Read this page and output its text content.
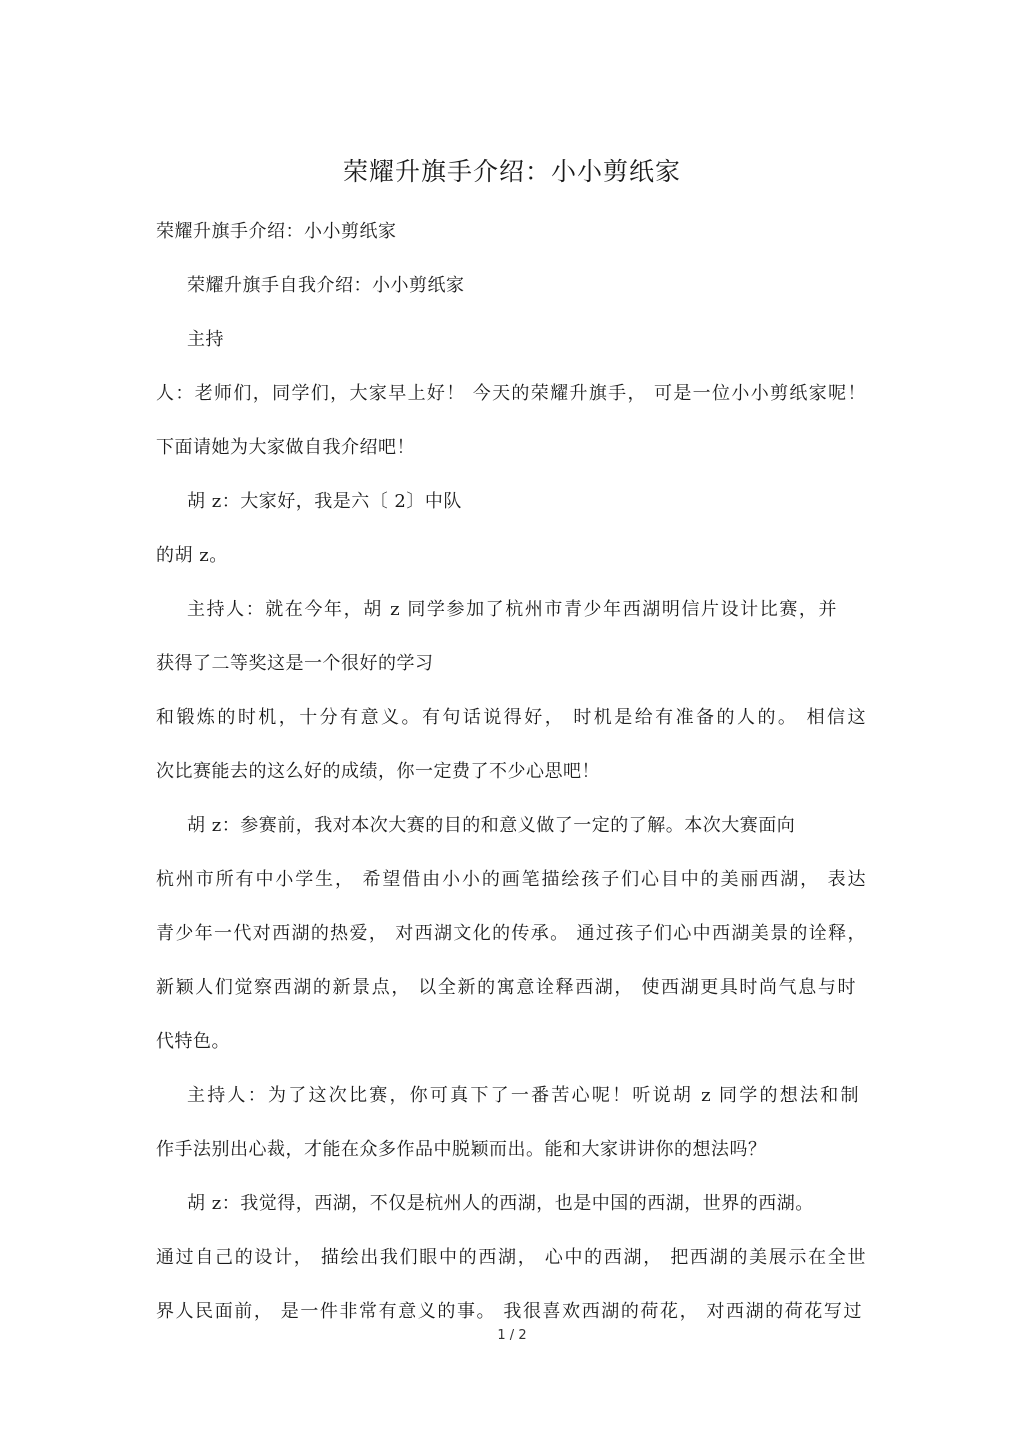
荣耀升旗手介绍：小小剪纸家
荣耀升旗手介绍：小小剪纸家
荣耀升旗手自我介绍：小小剪纸家
主持
人：老师们，同学们，大家早上好！ 今天的荣耀升旗手， 可是一位小小剪纸家呢！
下面请她为大家做自我介绍吧！
胡 z：大家好，我是六〔 2〕中队
的胡 z。
主持人：就在今年，胡 z 同学参加了杭州市青少年西湖明信片设计比赛，并
获得了二等奖这是一个很好的学习
和锻炼的时机，十分有意义。有句话说得好， 时机是给有准备的人的。 相信这
次比赛能去的这么好的成绩，你一定费了不少心思吧！
胡 z：参赛前，我对本次大赛的目的和意义做了一定的了解。本次大赛面向
杭州市所有中小学生， 希望借由小小的画笔描绘孩子们心目中的美丽西湖， 表达
青少年一代对西湖的热爱， 对西湖文化的传承。 通过孩子们心中西湖美景的诠释，
新颖人们觉察西湖的新景点， 以全新的寓意诠释西湖， 使西湖更具时尚气息与时
代特色。
主持人：为了这次比赛，你可真下了一番苦心呢！听说胡 z 同学的想法和制
作手法别出心裁，才能在众多作品中脱颖而出。能和大家讲讲你的想法吗？
胡 z：我觉得，西湖，不仅是杭州人的西湖，也是中国的西湖，世界的西湖。
通过自己的设计， 描绘出我们眼中的西湖， 心中的西湖， 把西湖的美展示在全世
界人民面前， 是一件非常有意义的事。 我很喜欢西湖的荷花， 对西湖的荷花写过
1 / 2
